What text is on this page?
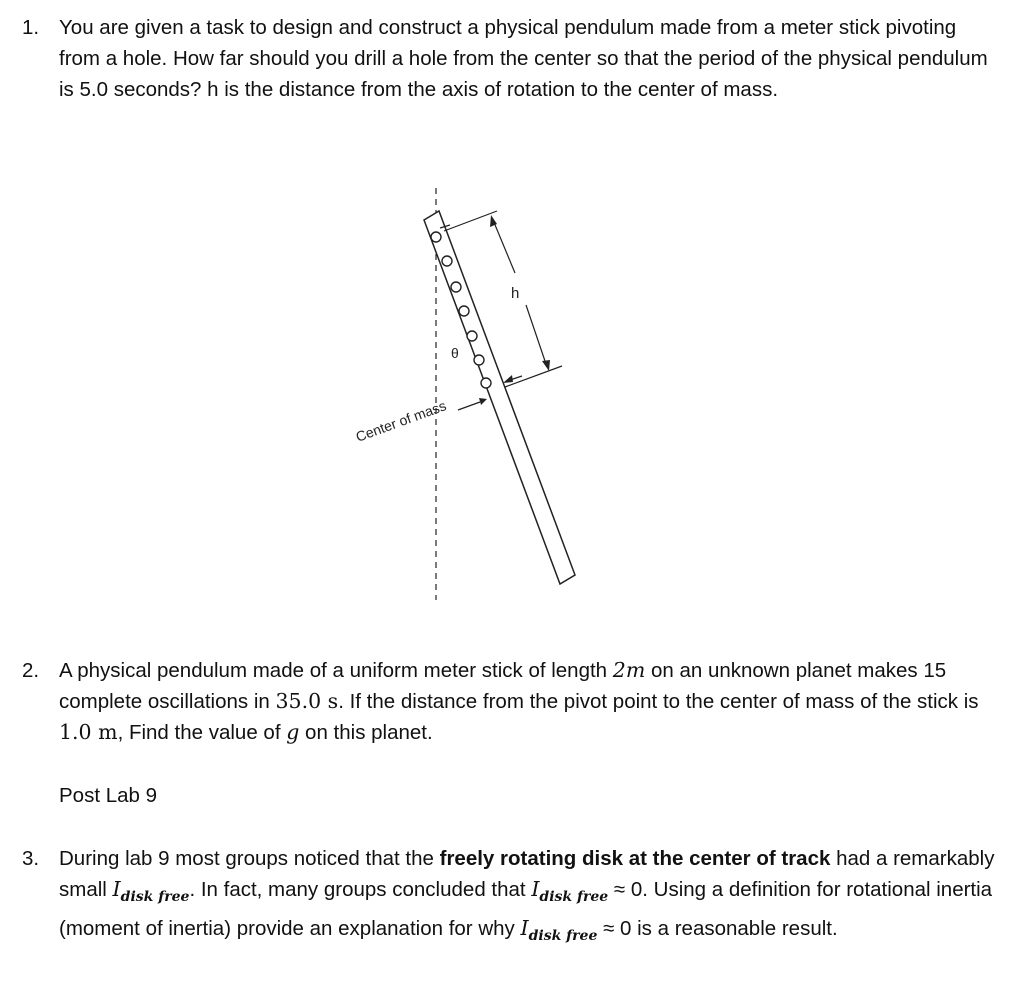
1. You are given a task to design and construct a physical pendulum made from a meter stick pivoting from a hole. How far should you drill a hole from the center so that the period of the physical pendulum is 5.0 seconds? h is the distance from the axis of rotation to the center of mass.
h
θ
Center of mass
2. A physical pendulum made of a uniform meter stick of length 2m on an unknown planet makes 15 complete oscillations in 35.0 s. If the distance from the pivot point to the center of mass of the stick is 1.0 m, Find the value of g on this planet.
Post Lab 9
3. During lab 9 most groups noticed that the freely rotating disk at the center of track had a remarkably small $I_{disk free}$. In fact, many groups concluded that $I_{disk free} \approx 0$. Using a definition for rotational inertia (moment of inertia) provide an explanation for why $I_{disk free} \approx 0$ is a reasonable result.
